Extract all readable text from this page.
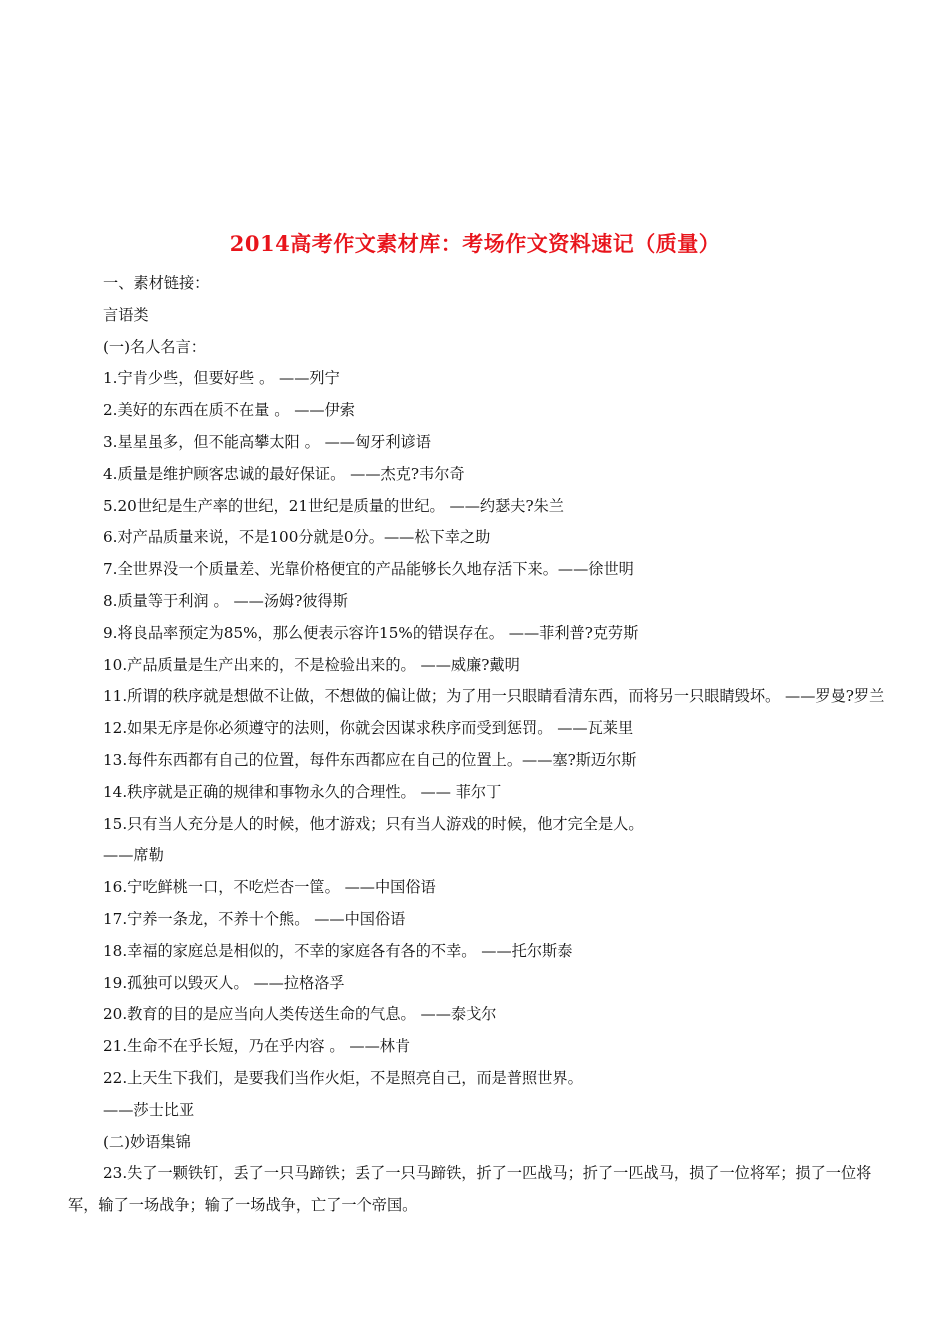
2014高考作文素材库：考场作文资料速记（质量）

一、素材链接：

言语类

(一)名人名言：

1.宁肯少些，但要好些 。 ——列宁

2.美好的东西在质不在量 。 ——伊索

3.星星虽多，但不能高攀太阳 。 ——匈牙利谚语

4.质量是维护顾客忠诚的最好保证。 ——杰克?韦尔奇

5.20世纪是生产率的世纪，21世纪是质量的世纪。 ——约瑟夫?朱兰

6.对产品质量来说，不是100分就是0分。——松下幸之助

7.全世界没一个质量差、光靠价格便宜的产品能够长久地存活下来。——徐世明

8.质量等于利润 。 ——汤姆?彼得斯

9.将良品率预定为85%，那么便表示容许15%的错误存在。 ——菲利普?克劳斯

10.产品质量是生产出来的，不是检验出来的。 ——威廉?戴明

11.所谓的秩序就是想做不让做，不想做的偏让做；为了用一只眼睛看清东西，而将另一只眼睛毁坏。 ——罗曼?罗兰

12.如果无序是你必须遵守的法则，你就会因谋求秩序而受到惩罚。 ——瓦莱里

13.每件东西都有自己的位置，每件东西都应在自己的位置上。——塞?斯迈尔斯

14.秩序就是正确的规律和事物永久的合理性。 —— 菲尔丁

15.只有当人充分是人的时候，他才游戏；只有当人游戏的时候，他才完全是人。

——席勒

16.宁吃鲜桃一口，不吃烂杏一筐。 ——中国俗语

17.宁养一条龙，不养十个熊。 ——中国俗语

18.幸福的家庭总是相似的，不幸的家庭各有各的不幸。 ——托尔斯泰

19.孤独可以毁灭人。 ——拉格洛孚

20.教育的目的是应当向人类传送生命的气息。 ——泰戈尔

21.生命不在乎长短，乃在乎内容 。 ——林肯

22.上天生下我们，是要我们当作火炬，不是照亮自己，而是普照世界。

——莎士比亚

(二)妙语集锦

23.失了一颗铁钉，丢了一只马蹄铁；丢了一只马蹄铁，折了一匹战马；折了一匹战马，损了一位将军；损了一位将军，输了一场战争；输了一场战争，亡了一个帝国。
